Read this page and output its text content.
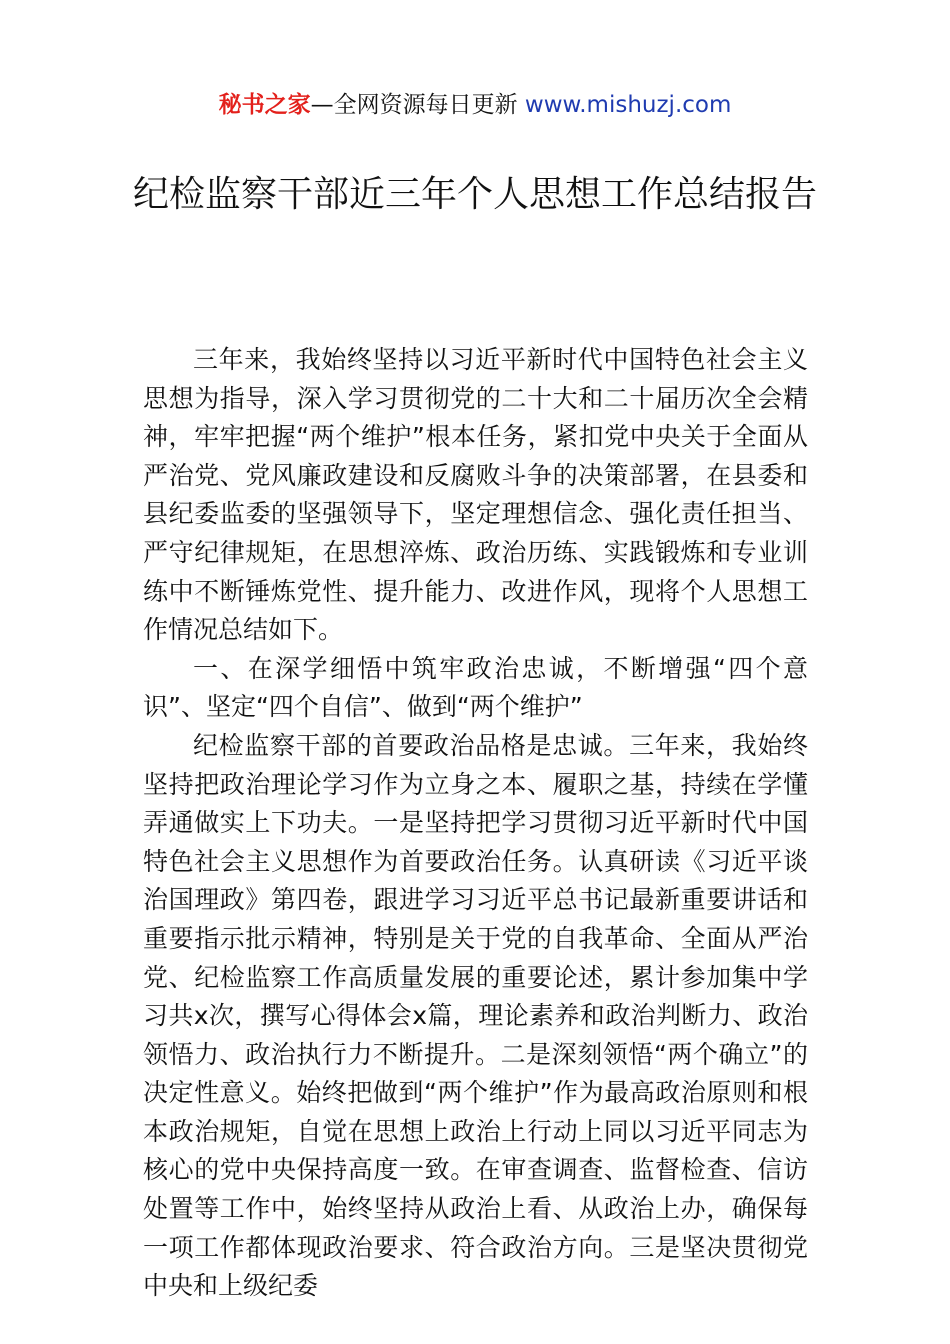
秘书之家—全网资源每日更新 www.mishuzj.com
纪检监察干部近三年个人思想工作总结报告

三年来，我始终坚持以习近平新时代中国特色社会主义思想为指导，深入学习贯彻党的二十大和二十届历次全会精神，牢牢把握“两个维护”根本任务，紧扣党中央关于全面从严治党、党风廉政建设和反腐败斗争的决策部署，在县委和县纪委监委的坚强领导下，坚定理想信念、强化责任担当、严守纪律规矩，在思想淬炼、政治历练、实践锻炼和专业训练中不断锤炼党性、提升能力、改进作风，现将个人思想工作情况总结如下。

一、在深学细悟中筑牢政治忠诚，不断增强“四个意识”、坚定“四个自信”、做到“两个维护”

纪检监察干部的首要政治品格是忠诚。三年来，我始终坚持把政治理论学习作为立身之本、履职之基，持续在学懂弄通做实上下功夫。一是坚持把学习贯彻习近平新时代中国特色社会主义思想作为首要政治任务。认真研读《习近平谈治国理政》第四卷，跟进学习习近平总书记最新重要讲话和重要指示批示精神，特别是关于党的自我革命、全面从严治党、纪检监察工作高质量发展的重要论述，累计参加集中学习共x次，撰写心得体会x篇，理论素养和政治判断力、政治领悟力、政治执行力不断提升。二是深刻领悟“两个确立”的决定性意义。始终把做到“两个维护”作为最高政治原则和根本政治规矩，自觉在思想上政治上行动上同以习近平同志为核心的党中央保持高度一致。在审查调查、监督检查、信访处置等工作中，始终坚持从政治上看、从政治上办，确保每一项工作都体现政治要求、符合政治方向。三是坚决贯彻党中央和上级纪委
